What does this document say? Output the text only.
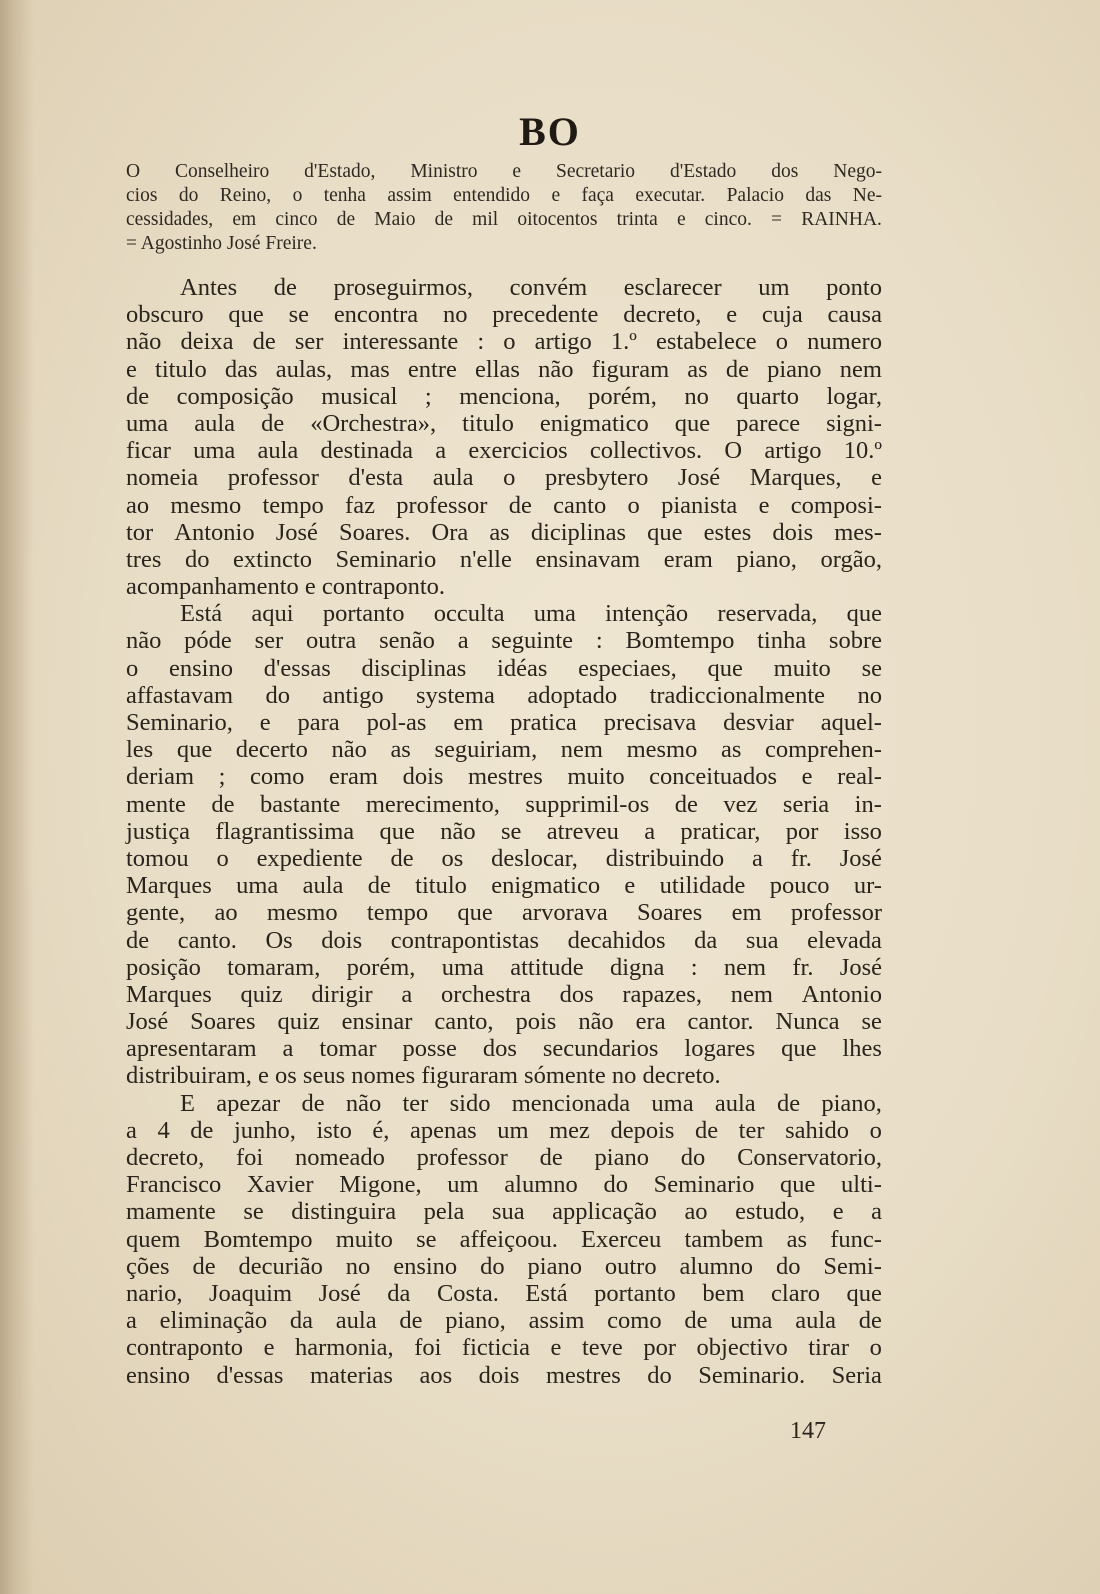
BO
O Conselheiro d'Estado, Ministro e Secretario d'Estado dos Nego-
cios do Reino, o tenha assim entendido e faça executar. Palacio das Ne-
cessidades, em cinco de Maio de mil oitocentos trinta e cinco. = RAINHA.
= Agostinho José Freire.
Antes de proseguirmos, convém esclarecer um ponto
obscuro que se encontra no precedente decreto, e cuja causa
não deixa de ser interessante : o artigo 1.º estabelece o numero
e titulo das aulas, mas entre ellas não figuram as de piano nem
de composição musical ; menciona, porém, no quarto logar,
uma aula de «Orchestra», titulo enigmatico que parece signi-
ficar uma aula destinada a exercicios collectivos. O artigo 10.º
nomeia professor d'esta aula o presbytero José Marques, e
ao mesmo tempo faz professor de canto o pianista e composi-
tor Antonio José Soares. Ora as diciplinas que estes dois mes-
tres do extincto Seminario n'elle ensinavam eram piano, orgão,
acompanhamento e contraponto.
Está aqui portanto occulta uma intenção reservada, que
não póde ser outra senão a seguinte : Bomtempo tinha sobre
o ensino d'essas disciplinas idéas especiaes, que muito se
affastavam do antigo systema adoptado tradiccionalmente no
Seminario, e para pol-as em pratica precisava desviar aquel-
les que decerto não as seguiriam, nem mesmo as comprehen-
deriam ; como eram dois mestres muito conceituados e real-
mente de bastante merecimento, supprimil-os de vez seria in-
justiça flagrantissima que não se atreveu a praticar, por isso
tomou o expediente de os deslocar, distribuindo a fr. José
Marques uma aula de titulo enigmatico e utilidade pouco ur-
gente, ao mesmo tempo que arvorava Soares em professor
de canto. Os dois contrapontistas decahidos da sua elevada
posição tomaram, porém, uma attitude digna : nem fr. José
Marques quiz dirigir a orchestra dos rapazes, nem Antonio
José Soares quiz ensinar canto, pois não era cantor. Nunca se
apresentaram a tomar posse dos secundarios logares que lhes
distribuiram, e os seus nomes figuraram sómente no decreto.
E apezar de não ter sido mencionada uma aula de piano,
a 4 de junho, isto é, apenas um mez depois de ter sahido o
decreto, foi nomeado professor de piano do Conservatorio,
Francisco Xavier Migone, um alumno do Seminario que ulti-
mamente se distinguira pela sua applicação ao estudo, e a
quem Bomtempo muito se affeiçoou. Exerceu tambem as func-
ções de decurião no ensino do piano outro alumno do Semi-
nario, Joaquim José da Costa. Está portanto bem claro que
a eliminação da aula de piano, assim como de uma aula de
contraponto e harmonia, foi ficticia e teve por objectivo tirar o
ensino d'essas materias aos dois mestres do Seminario. Seria
147
